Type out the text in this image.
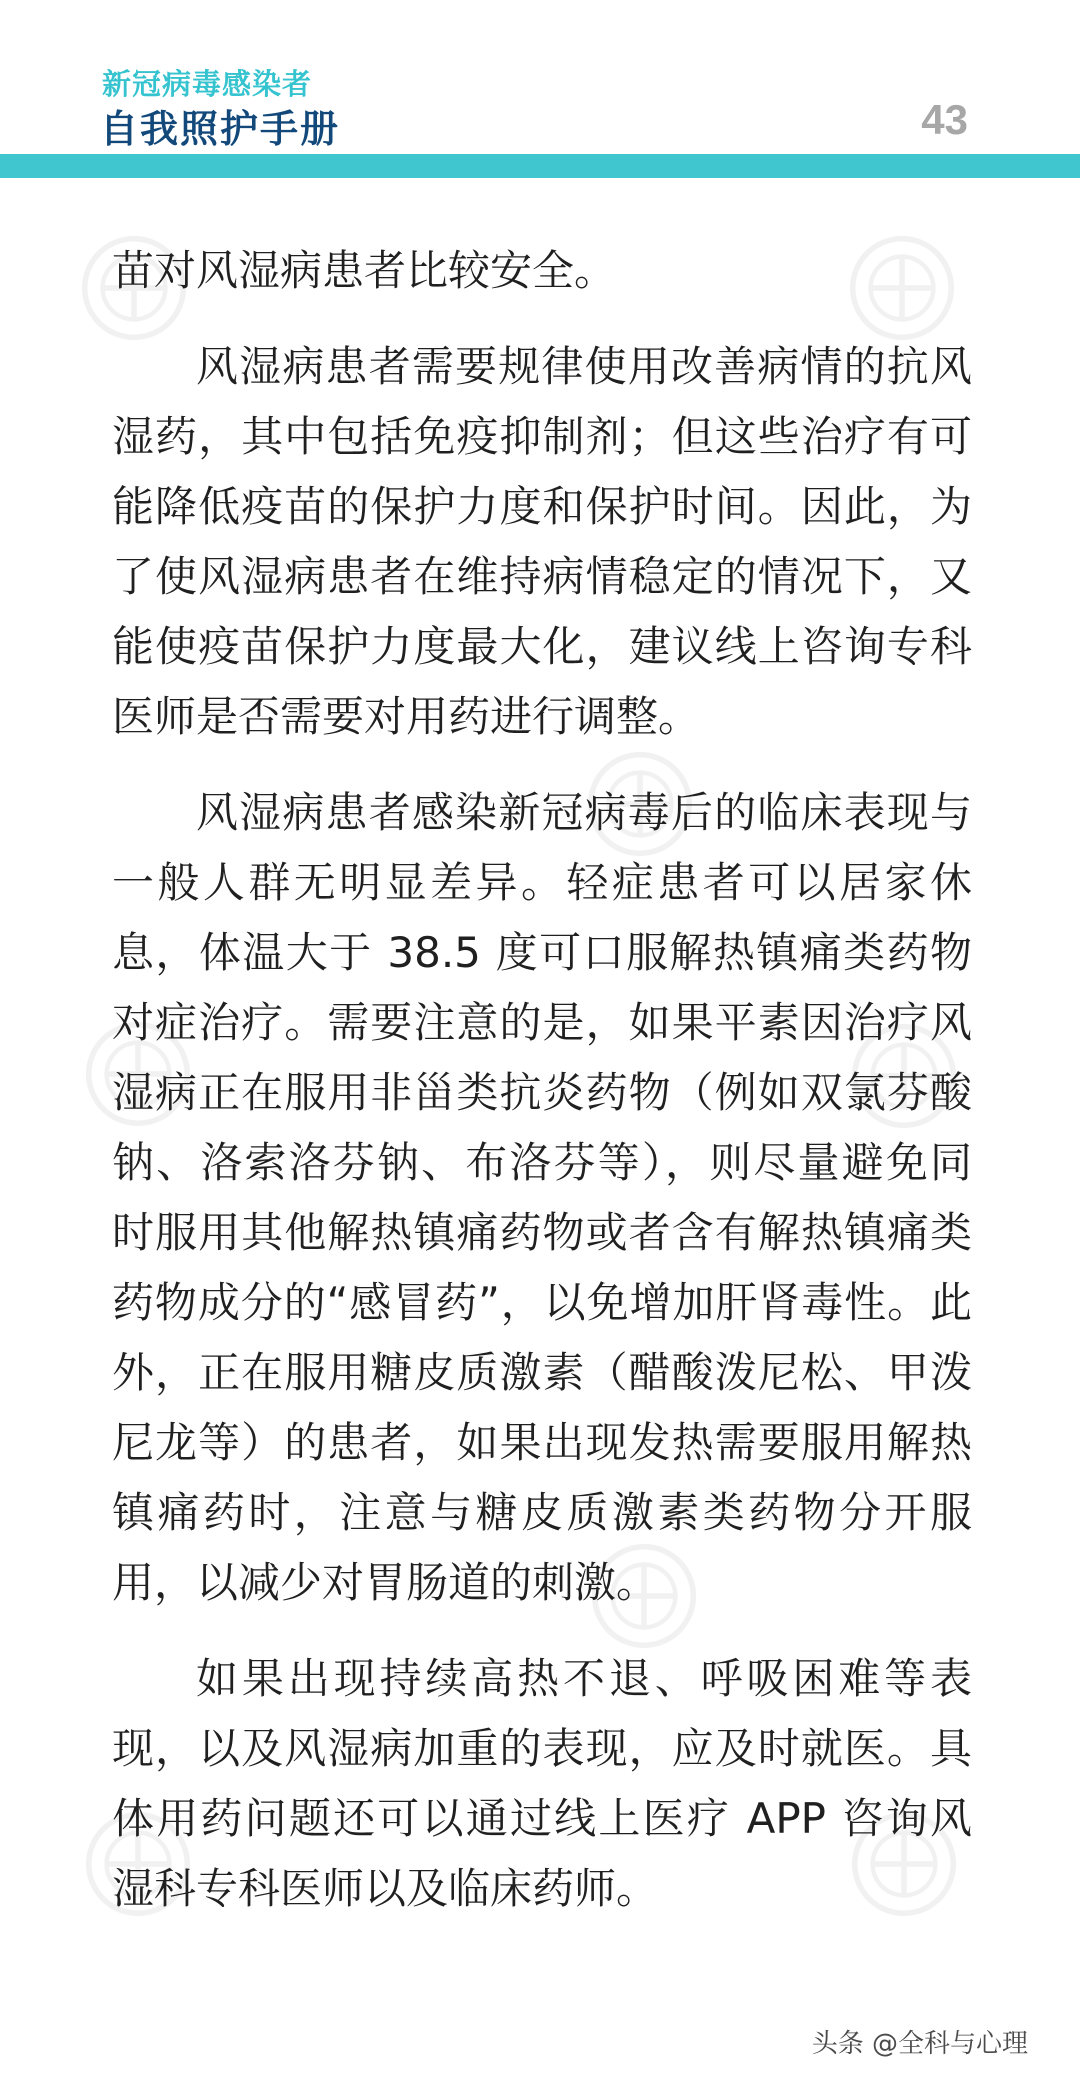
新冠病毒感染者
自我照护手册	43

苗对风湿病患者比较安全。

风湿病患者需要规律使用改善病情的抗风湿药，其中包括免疫抑制剂；但这些治疗有可能降低疫苗的保护力度和保护时间。因此，为了使风湿病患者在维持病情稳定的情况下，又能使疫苗保护力度最大化，建议线上咨询专科医师是否需要对用药进行调整。

风湿病患者感染新冠病毒后的临床表现与一般人群无明显差异。轻症患者可以居家休息，体温大于 38.5 度可口服解热镇痛类药物对症治疗。需要注意的是，如果平素因治疗风湿病正在服用非甾类抗炎药物（例如双氯芬酸钠、洛索洛芬钠、布洛芬等），则尽量避免同时服用其他解热镇痛药物或者含有解热镇痛类药物成分的“感冒药”，以免增加肝肾毒性。此外，正在服用糖皮质激素（醋酸泼尼松、甲泼尼龙等）的患者，如果出现发热需要服用解热镇痛药时，注意与糖皮质激素类药物分开服用，以减少对胃肠道的刺激。

如果出现持续高热不退、呼吸困难等表现，以及风湿病加重的表现，应及时就医。具体用药问题还可以通过线上医疗 APP 咨询风湿科专科医师以及临床药师。

头条 @全科与心理
